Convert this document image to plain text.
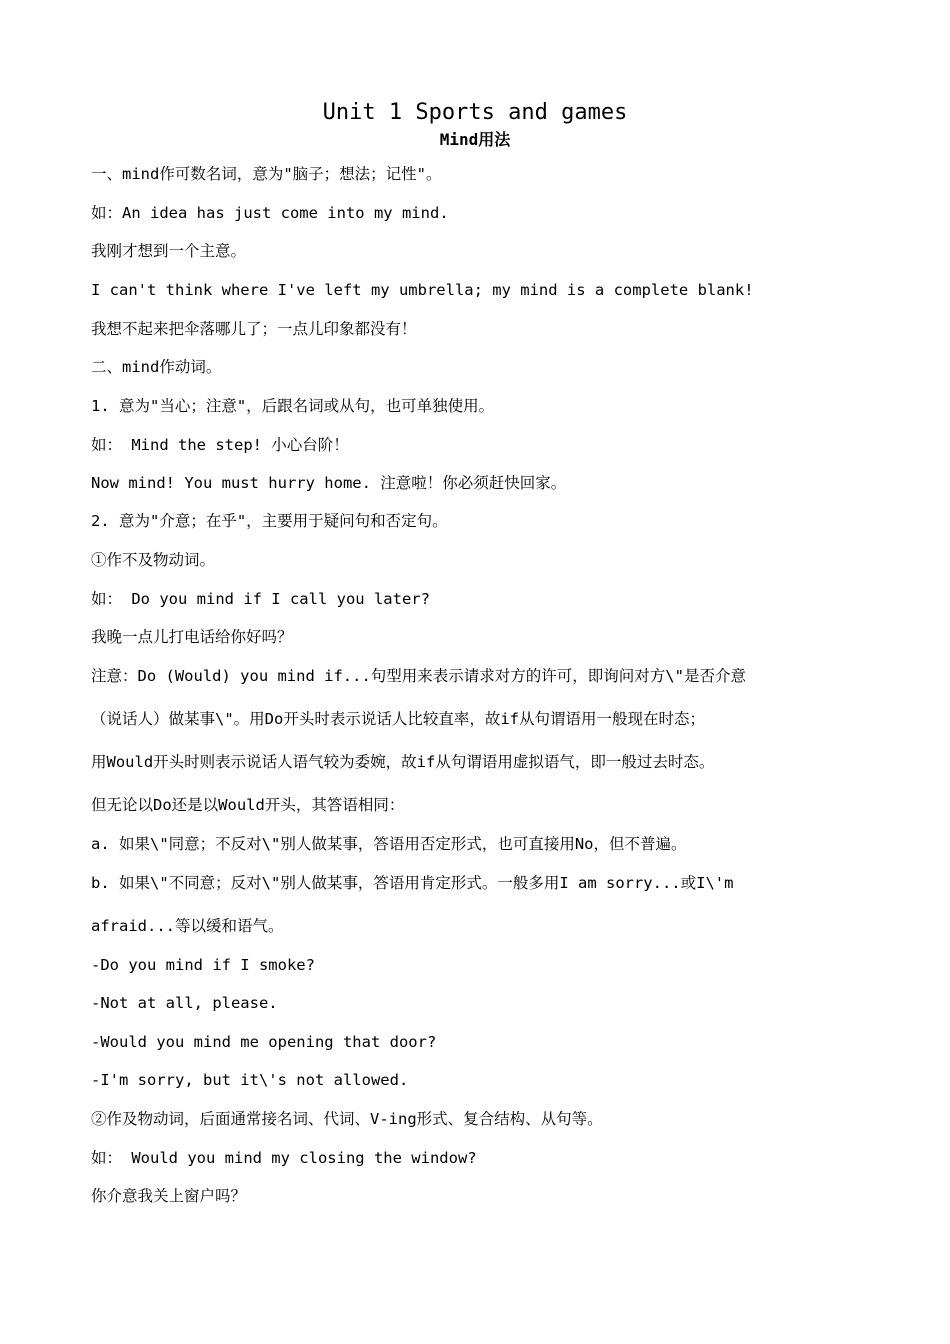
Unit 1 Sports and games
Mind用法
一、mind作可数名词，意为"脑子；想法；记性"。
如：An idea has just come into my mind.
我刚才想到一个主意。
I can't think where I've left my umbrella; my mind is a complete blank!
我想不起来把伞落哪儿了；一点儿印象都没有！
二、mind作动词。
1. 意为"当心；注意"，后跟名词或从句，也可单独使用。
如： Mind the step! 小心台阶！
Now mind! You must hurry home. 注意啦！你必须赶快回家。
2. 意为"介意；在乎"，主要用于疑问句和否定句。
①作不及物动词。
如： Do you mind if I call you later?
我晚一点儿打电话给你好吗？
注意：Do (Would) you mind if...句型用来表示请求对方的许可，即询问对方\"是否介意
（说话人）做某事\"。用Do开头时表示说话人比较直率，故if从句谓语用一般现在时态；
用Would开头时则表示说话人语气较为委婉，故if从句谓语用虚拟语气，即一般过去时态。
但无论以Do还是以Would开头，其答语相同：
a. 如果\"同意；不反对\"别人做某事，答语用否定形式，也可直接用No，但不普遍。
b. 如果\"不同意；反对\"别人做某事，答语用肯定形式。一般多用I am sorry...或I\'m
afraid...等以缓和语气。
-Do you mind if I smoke?
-Not at all, please.
-Would you mind me opening that door?
-I'm sorry, but it\'s not allowed.
②作及物动词，后面通常接名词、代词、V-ing形式、复合结构、从句等。
如： Would you mind my closing the window?
你介意我关上窗户吗？
